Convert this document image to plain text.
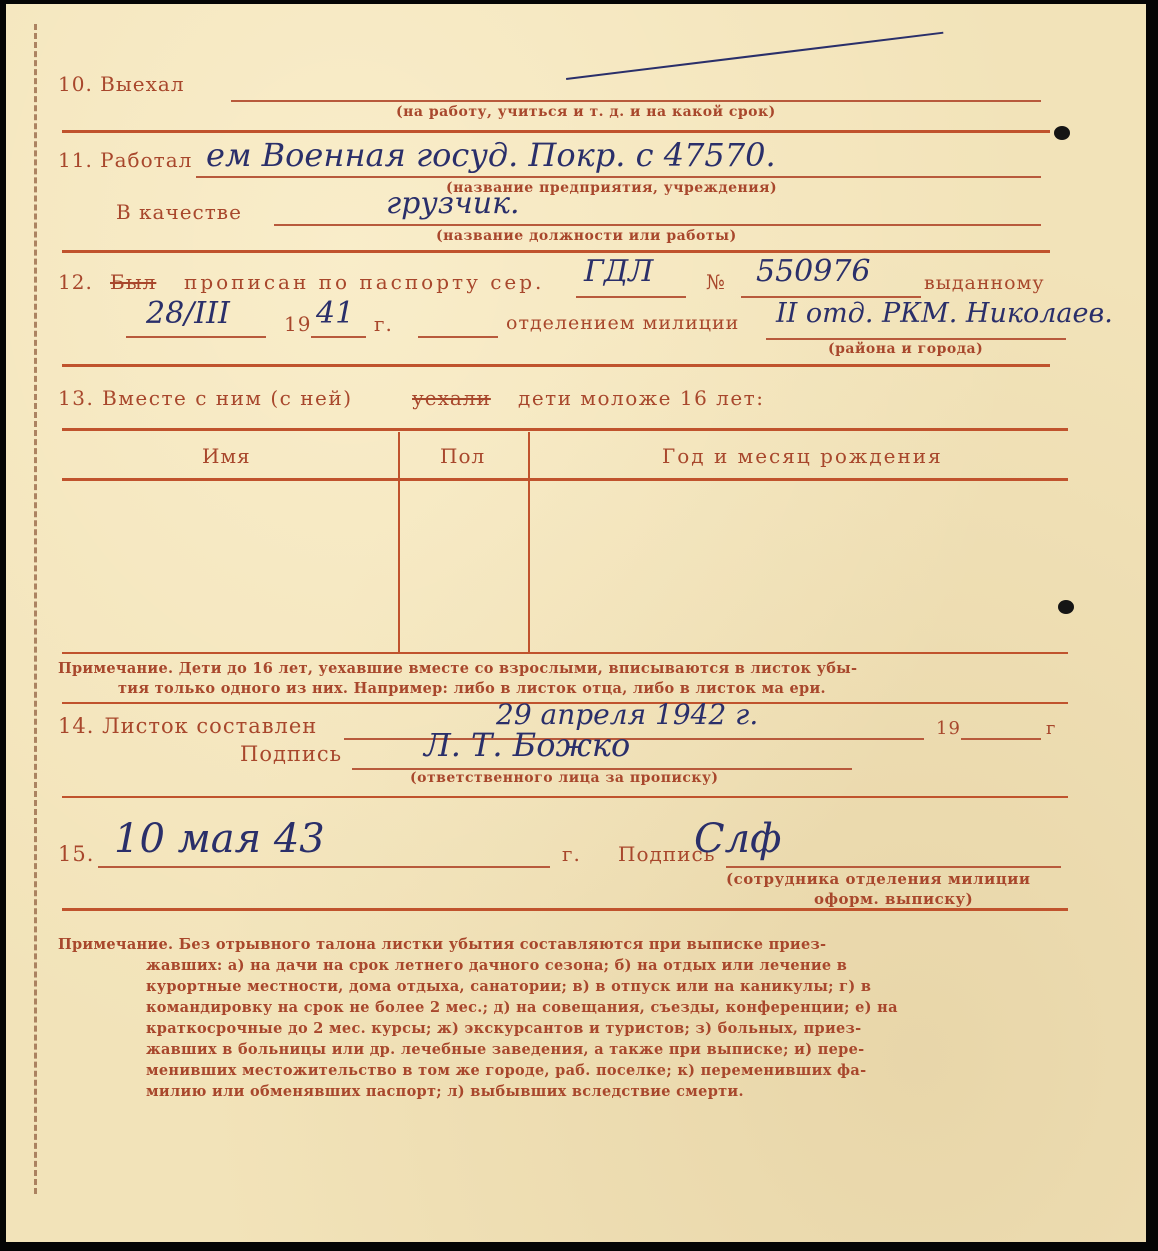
10. Выехал
(на работу, учиться и т. д. и на какой срок)
11. Работал ем Военная госуд. Покр. с 47570.
(название предприятия, учреждения)
В качестве	грузчик.
(название должности или работы)
12. Был прописан по паспорту сер. ГДЛ	№ 550976	выданному
28/III	19 41 г.	отделением милиции II отд. РКМ. Николаев.
(района и города)
13. Вместе с ним (с ней)	уехали дети моложе 16 лет:
Имя	Пол	Год и месяц рождения
Примечание. Дети до 16 лет, уехавшие вместе со взрослыми, вписываются в листок убы-
тия только одного из них. Например: либо в листок отца, либо в листок ма ери.
14. Листок составлен	29 апреля 1942 г.	19	г
Подпись	Л. Т. Божко
(ответственного лица за прописку)
15. 10 мая 43	г. Подпись
Слф
(сотрудника отделения милиции
оформ. выписку)
Примечание. Без отрывного талона листки убытия составляются при выписке приез-
жавших: а) на дачи на срок летнего дачного сезона; б) на отдых или лечение в
курортные местности, дома отдыха, санатории; в) в отпуск или на каникулы; г) в
командировку на срок не более 2 мес.; д) на совещания, съезды, конференции; е) на
краткосрочные до 2 мес. курсы; ж) экскурсантов и туристов; з) больных, приез-
жавших в больницы или др. лечебные заведения, а также при выписке; и) пере-
менивших местожительство в том же городе, раб. поселке; к) переменивших фа-
милию или обменявших паспорт; л) выбывших вследствие смерти.
